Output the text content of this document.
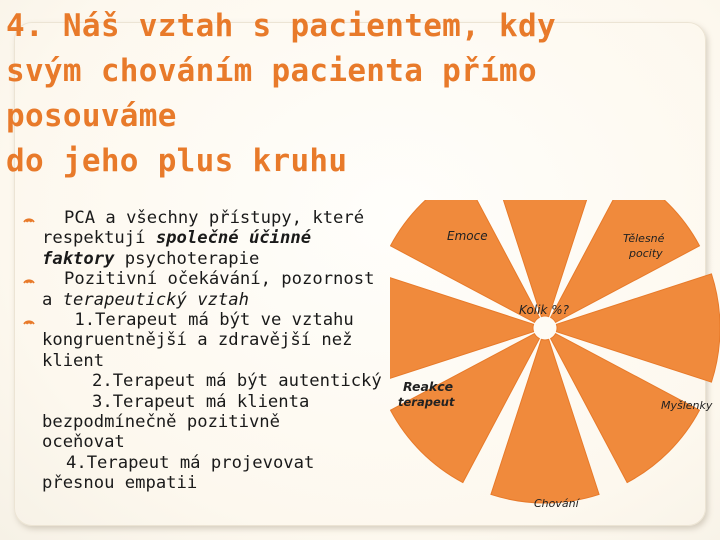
4. Náš vztah s pacientem, kdy
svým chováním pacienta přímo
posouváme
do jeho plus kruhu
PCA a všechny přístupy, které
respektují společné účinné
faktory psychoterapie
Pozitivní očekávání, pozornost
a terapeutický vztah
1.Terapeut má být ve vztahu
kongruentnější a zdravější než
klient
2.Terapeut má být autentický
3.Terapeut má klienta
bezpodmínečně pozitivně
oceňovat
4.Terapeut má projevovat
přesnou empatii
Emoce	Tělesné
pocity
Kolik %?
Reakce
terapeut	Myšlenky
Chování
